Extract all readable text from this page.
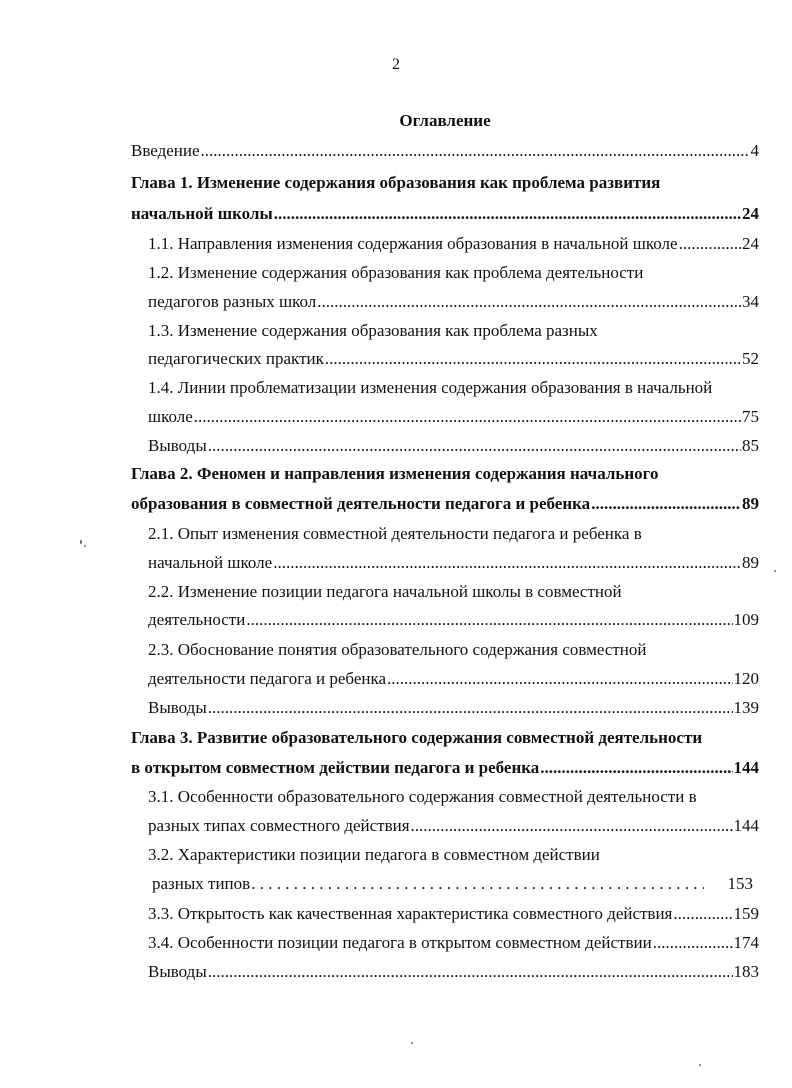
2
Оглавление
Введение .....	4
Глава 1. Изменение содержания образования как проблема развития
начальной школы .....	24
1.1. Направления изменения содержания образования в начальной школе .....	24
1.2. Изменение содержания образования как проблема деятельности
педагогов разных школ .....	34
1.3. Изменение содержания образования как проблема разных
педагогических практик .....	52
1.4. Линии проблематизации изменения содержания образования в начальной
школе .....	75
Выводы .....	85
Глава 2. Феномен и направления изменения содержания начального
образования в совместной деятельности педагога и ребенка .....	89
2.1. Опыт изменения совместной деятельности педагога и ребенка в
начальной школе .....	89
2.2. Изменение позиции педагога начальной школы в совместной
деятельности .....	109
2.3. Обоснование понятия образовательного содержания совместной
деятельности педагога и ребенка .....	120
Выводы .....	139
Глава 3. Развитие образовательного содержания совместной деятельности
в открытом совместном действии педагога и ребенка .....	144
3.1. Особенности образовательного содержания совместной деятельности в
разных типах совместного действия .....	144
3.2. Характеристики позиции педагога в совместном действии
разных типов . . .	153
3.3. Открытость как качественная характеристика совместного действия .....	159
3.4. Особенности позиции педагога в открытом совместном действии .....	174
Выводы .....	183
